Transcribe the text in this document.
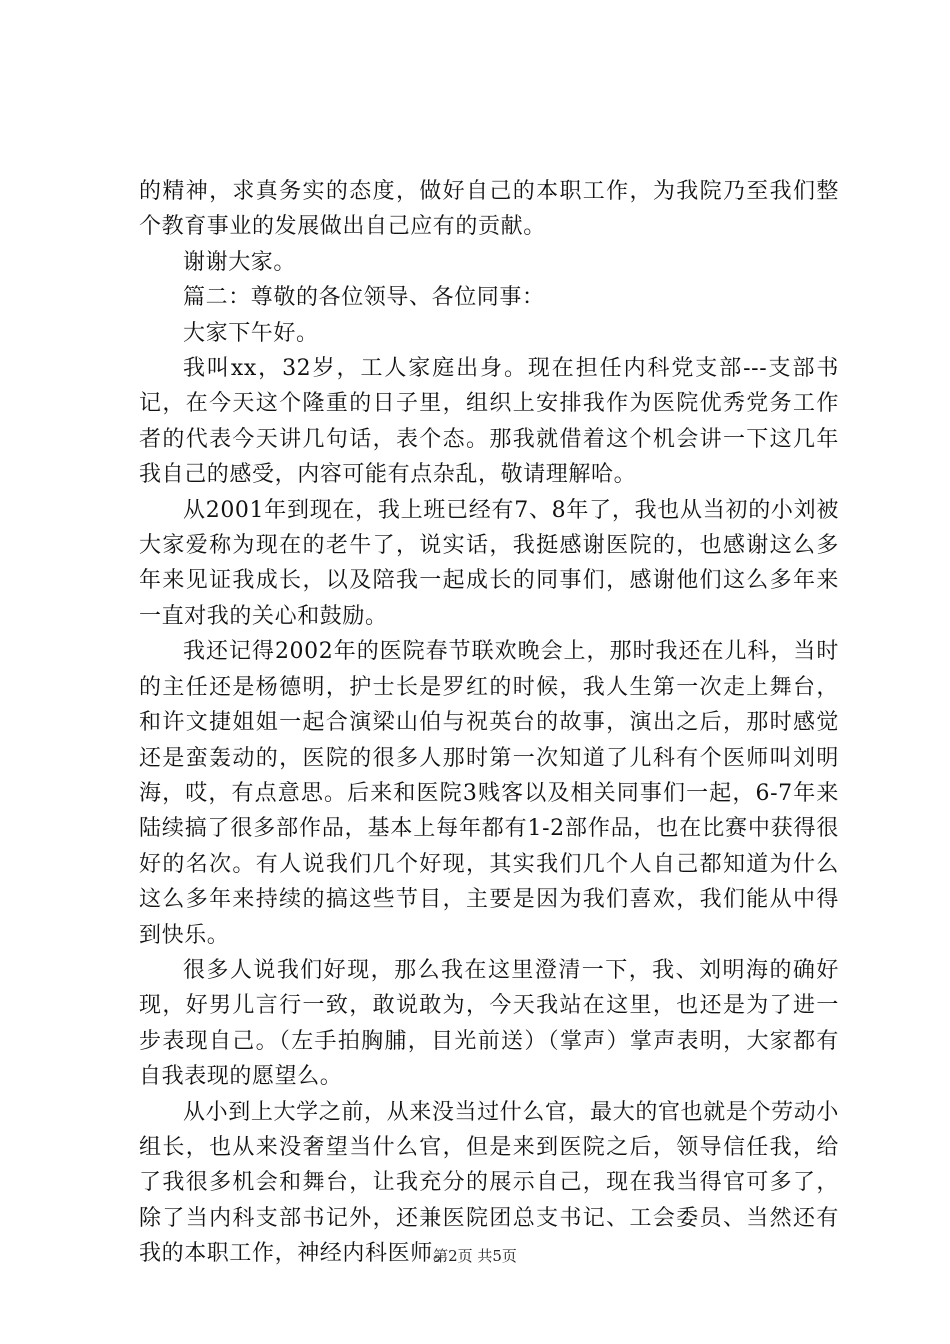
的精神，求真务实的态度，做好自己的本职工作，为我院乃至我们整个教育事业的发展做出自己应有的贡献。

谢谢大家。

篇二：尊敬的各位领导、各位同事：

大家下午好。

我叫xx，32岁，工人家庭出身。现在担任内科党支部---支部书记，在今天这个隆重的日子里，组织上安排我作为医院优秀党务工作者的代表今天讲几句话，表个态。那我就借着这个机会讲一下这几年我自己的感受，内容可能有点杂乱，敬请理解哈。

从2001年到现在，我上班已经有7、8年了，我也从当初的小刘被大家爱称为现在的老牛了，说实话，我挺感谢医院的，也感谢这么多年来见证我成长，以及陪我一起成长的同事们，感谢他们这么多年来一直对我的关心和鼓励。

我还记得2002年的医院春节联欢晚会上，那时我还在儿科，当时的主任还是杨德明，护士长是罗红的时候，我人生第一次走上舞台，和许文捷姐姐一起合演梁山伯与祝英台的故事，演出之后，那时感觉还是蛮轰动的，医院的很多人那时第一次知道了儿科有个医师叫刘明海，哎，有点意思。后来和医院3贱客以及相关同事们一起，6-7年来陆续搞了很多部作品，基本上每年都有1-2部作品，也在比赛中获得很好的名次。有人说我们几个好现，其实我们几个人自己都知道为什么这么多年来持续的搞这些节目，主要是因为我们喜欢，我们能从中得到快乐。

很多人说我们好现，那么我在这里澄清一下，我、刘明海的确好现，好男儿言行一致，敢说敢为，今天我站在这里，也还是为了进一步表现自己。（左手拍胸脯，目光前送）（掌声）掌声表明，大家都有自我表现的愿望么。

从小到上大学之前，从来没当过什么官，最大的官也就是个劳动小组长，也从来没奢望当什么官，但是来到医院之后，领导信任我，给了我很多机会和舞台，让我充分的展示自己，现在我当得官可多了，除了当内科支部书记外，还兼医院团总支书记、工会委员、当然还有我的本职工作，神经内科医师。

第2页 共5页
